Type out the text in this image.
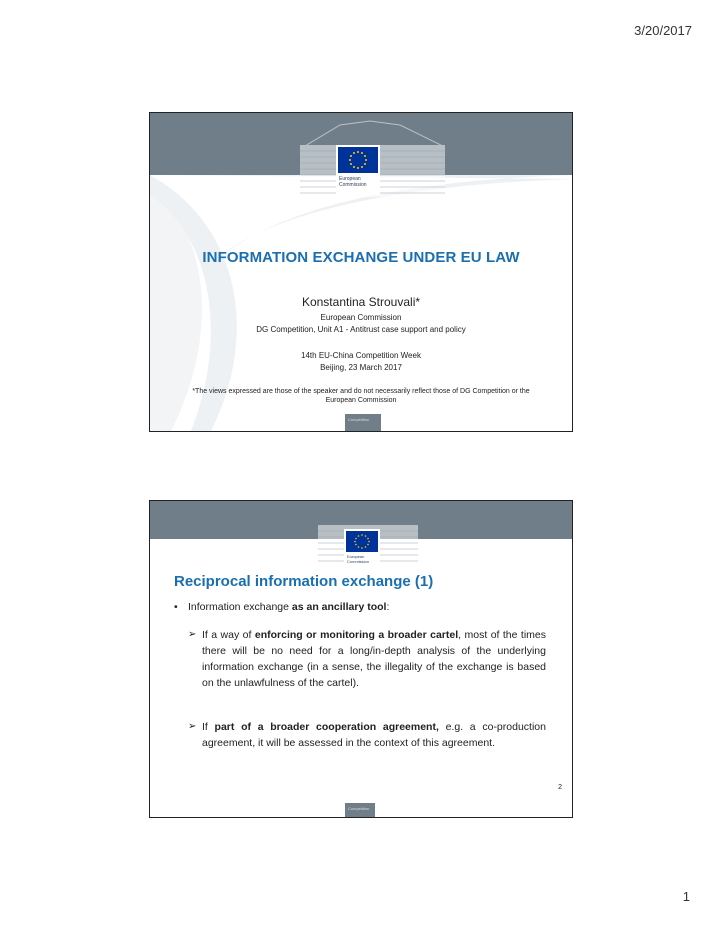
3/20/2017
European
Commission
INFORMATION EXCHANGE UNDER EU LAW
Konstantina Strouvali*
European Commission
DG Competition, Unit A1 - Antitrust case support and policy
14th EU-China Competition Week
Beijing, 23 March 2017
*The views expressed are those of the speaker and do not necessarily reflect those of DG Competition or the European Commission
Competition
European
Commission
Reciprocal information exchange (1)
• Information exchange as an ancillary tool:
➢ If a way of enforcing or monitoring a broader cartel, most of the times there will be no need for a long/in-depth analysis of the underlying information exchange (in a sense, the illegality of the exchange is based on the unlawfulness of the cartel).
➢ If part of a broader cooperation agreement, e.g. a co-production agreement, it will be assessed in the context of this agreement.
2
Competition
1
